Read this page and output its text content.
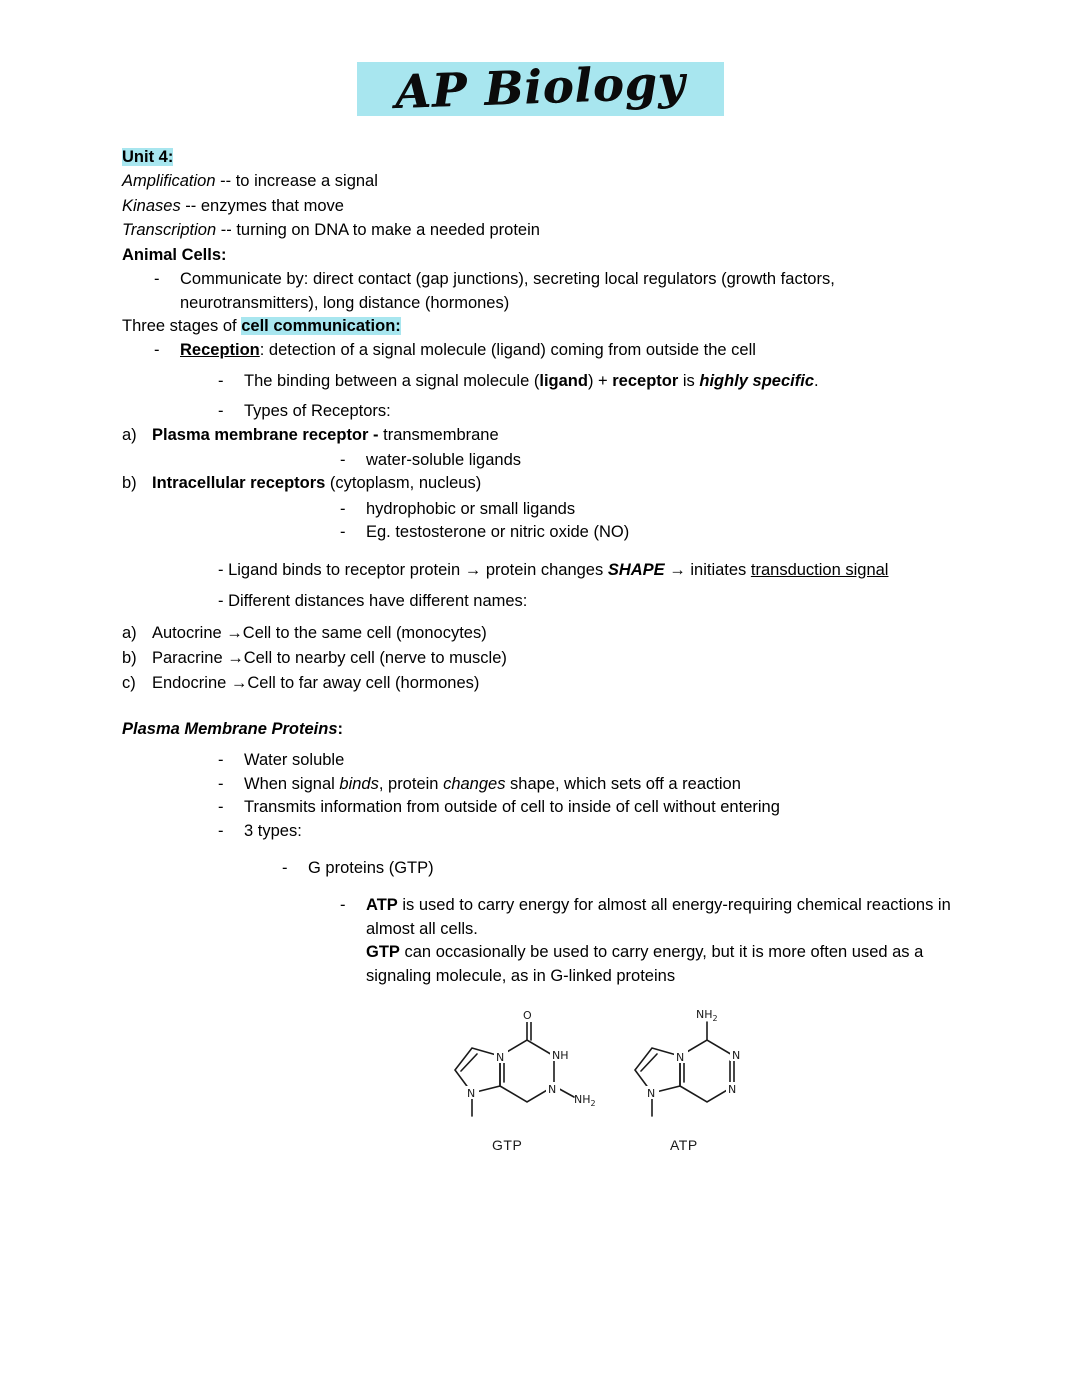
AP Biology
Unit 4:
Amplification -- to increase a signal
Kinases -- enzymes that move
Transcription -- turning on DNA to make a needed protein
Animal Cells:
-	Communicate by: direct contact (gap junctions), secreting local regulators (growth factors, neurotransmitters), long distance (hormones)
Three stages of cell communication:
-	Reception: detection of a signal molecule (ligand) coming from outside the cell
-	The binding between a signal molecule (ligand) + receptor is highly specific.
-	Types of Receptors:
a) Plasma membrane receptor - transmembrane
-	water-soluble ligands
b) Intracellular receptors (cytoplasm, nucleus)
-	hydrophobic or small ligands
-	Eg. testosterone or nitric oxide (NO)
- Ligand binds to receptor protein → protein changes SHAPE → initiates transduction signal
- Different distances have different names:
a) Autocrine →Cell to the same cell (monocytes)
b) Paracrine →Cell to nearby cell (nerve to muscle)
c) Endocrine →Cell to far away cell (hormones)
Plasma Membrane Proteins:
-	Water soluble
-	When signal binds, protein changes shape, which sets off a reaction
-	Transmits information from outside of cell to inside of cell without entering
-	3 types:
-	G proteins (GTP)
-	ATP is used to carry energy for almost all energy-requiring chemical reactions in almost all cells.
GTP can occasionally be used to carry energy, but it is more often used as a signaling molecule, as in G-linked proteins
O
NH
N
N
N	$NH_2$
$NH_2$
N
N
N
N
GTP	ATP
